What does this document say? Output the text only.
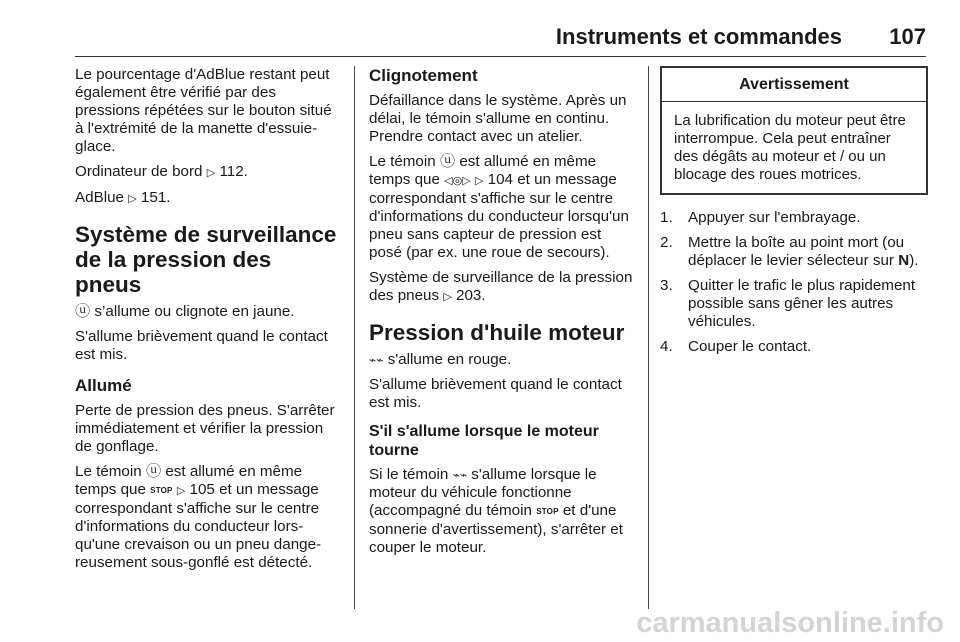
Instruments et commandes 107

Le pourcentage d'AdBlue restant peut également être vérifié par des pressions répétées sur le bouton situé à l'extrémité de la manette d'essuie-glace.

Ordinateur de bord ▷ 112.

AdBlue ▷ 151.

Système de surveillance de la pression des pneus

ⓤ s’allume ou clignote en jaune.

S'allume brièvement quand le contact est mis.

Allumé

Perte de pression des pneus. S'arrêter immédiatement et vérifier la pression de gonflage.

Le témoin ⓤ est allumé en même temps que STOP ▷ 105 et un message correspondant s'affiche sur le centre d'informations du conducteur lorsqu'une crevaison ou un pneu dangereusement sous-gonflé est détecté.

Clignotement

Défaillance dans le système. Après un délai, le témoin s'allume en continu. Prendre contact avec un atelier.

Le témoin ⓤ est allumé en même temps que ◁◎▷ ▷ 104 et un message correspondant s'affiche sur le centre d'informations du conducteur lorsqu'un pneu sans capteur de pression est posé (par ex. une roue de secours).

Système de surveillance de la pression des pneus ▷ 203.

Pression d'huile moteur

⌁⌁ s'allume en rouge.

S'allume brièvement quand le contact est mis.

S'il s'allume lorsque le moteur tourne

Si le témoin ⌁⌁ s'allume lorsque le moteur du véhicule fonctionne (accompagné du témoin STOP et d'une sonnerie d'avertissement), s'arrêter et couper le moteur.

Avertissement
La lubrification du moteur peut être interrompue. Cela peut entraîner des dégâts au moteur et / ou un blocage des roues motrices.
1. Appuyer sur l'embrayage.
2. Mettre la boîte au point mort (ou déplacer le levier sélecteur sur N).
3. Quitter le trafic le plus rapidement possible sans gêner les autres véhicules.
4. Couper le contact.
carmanualsonline.info
